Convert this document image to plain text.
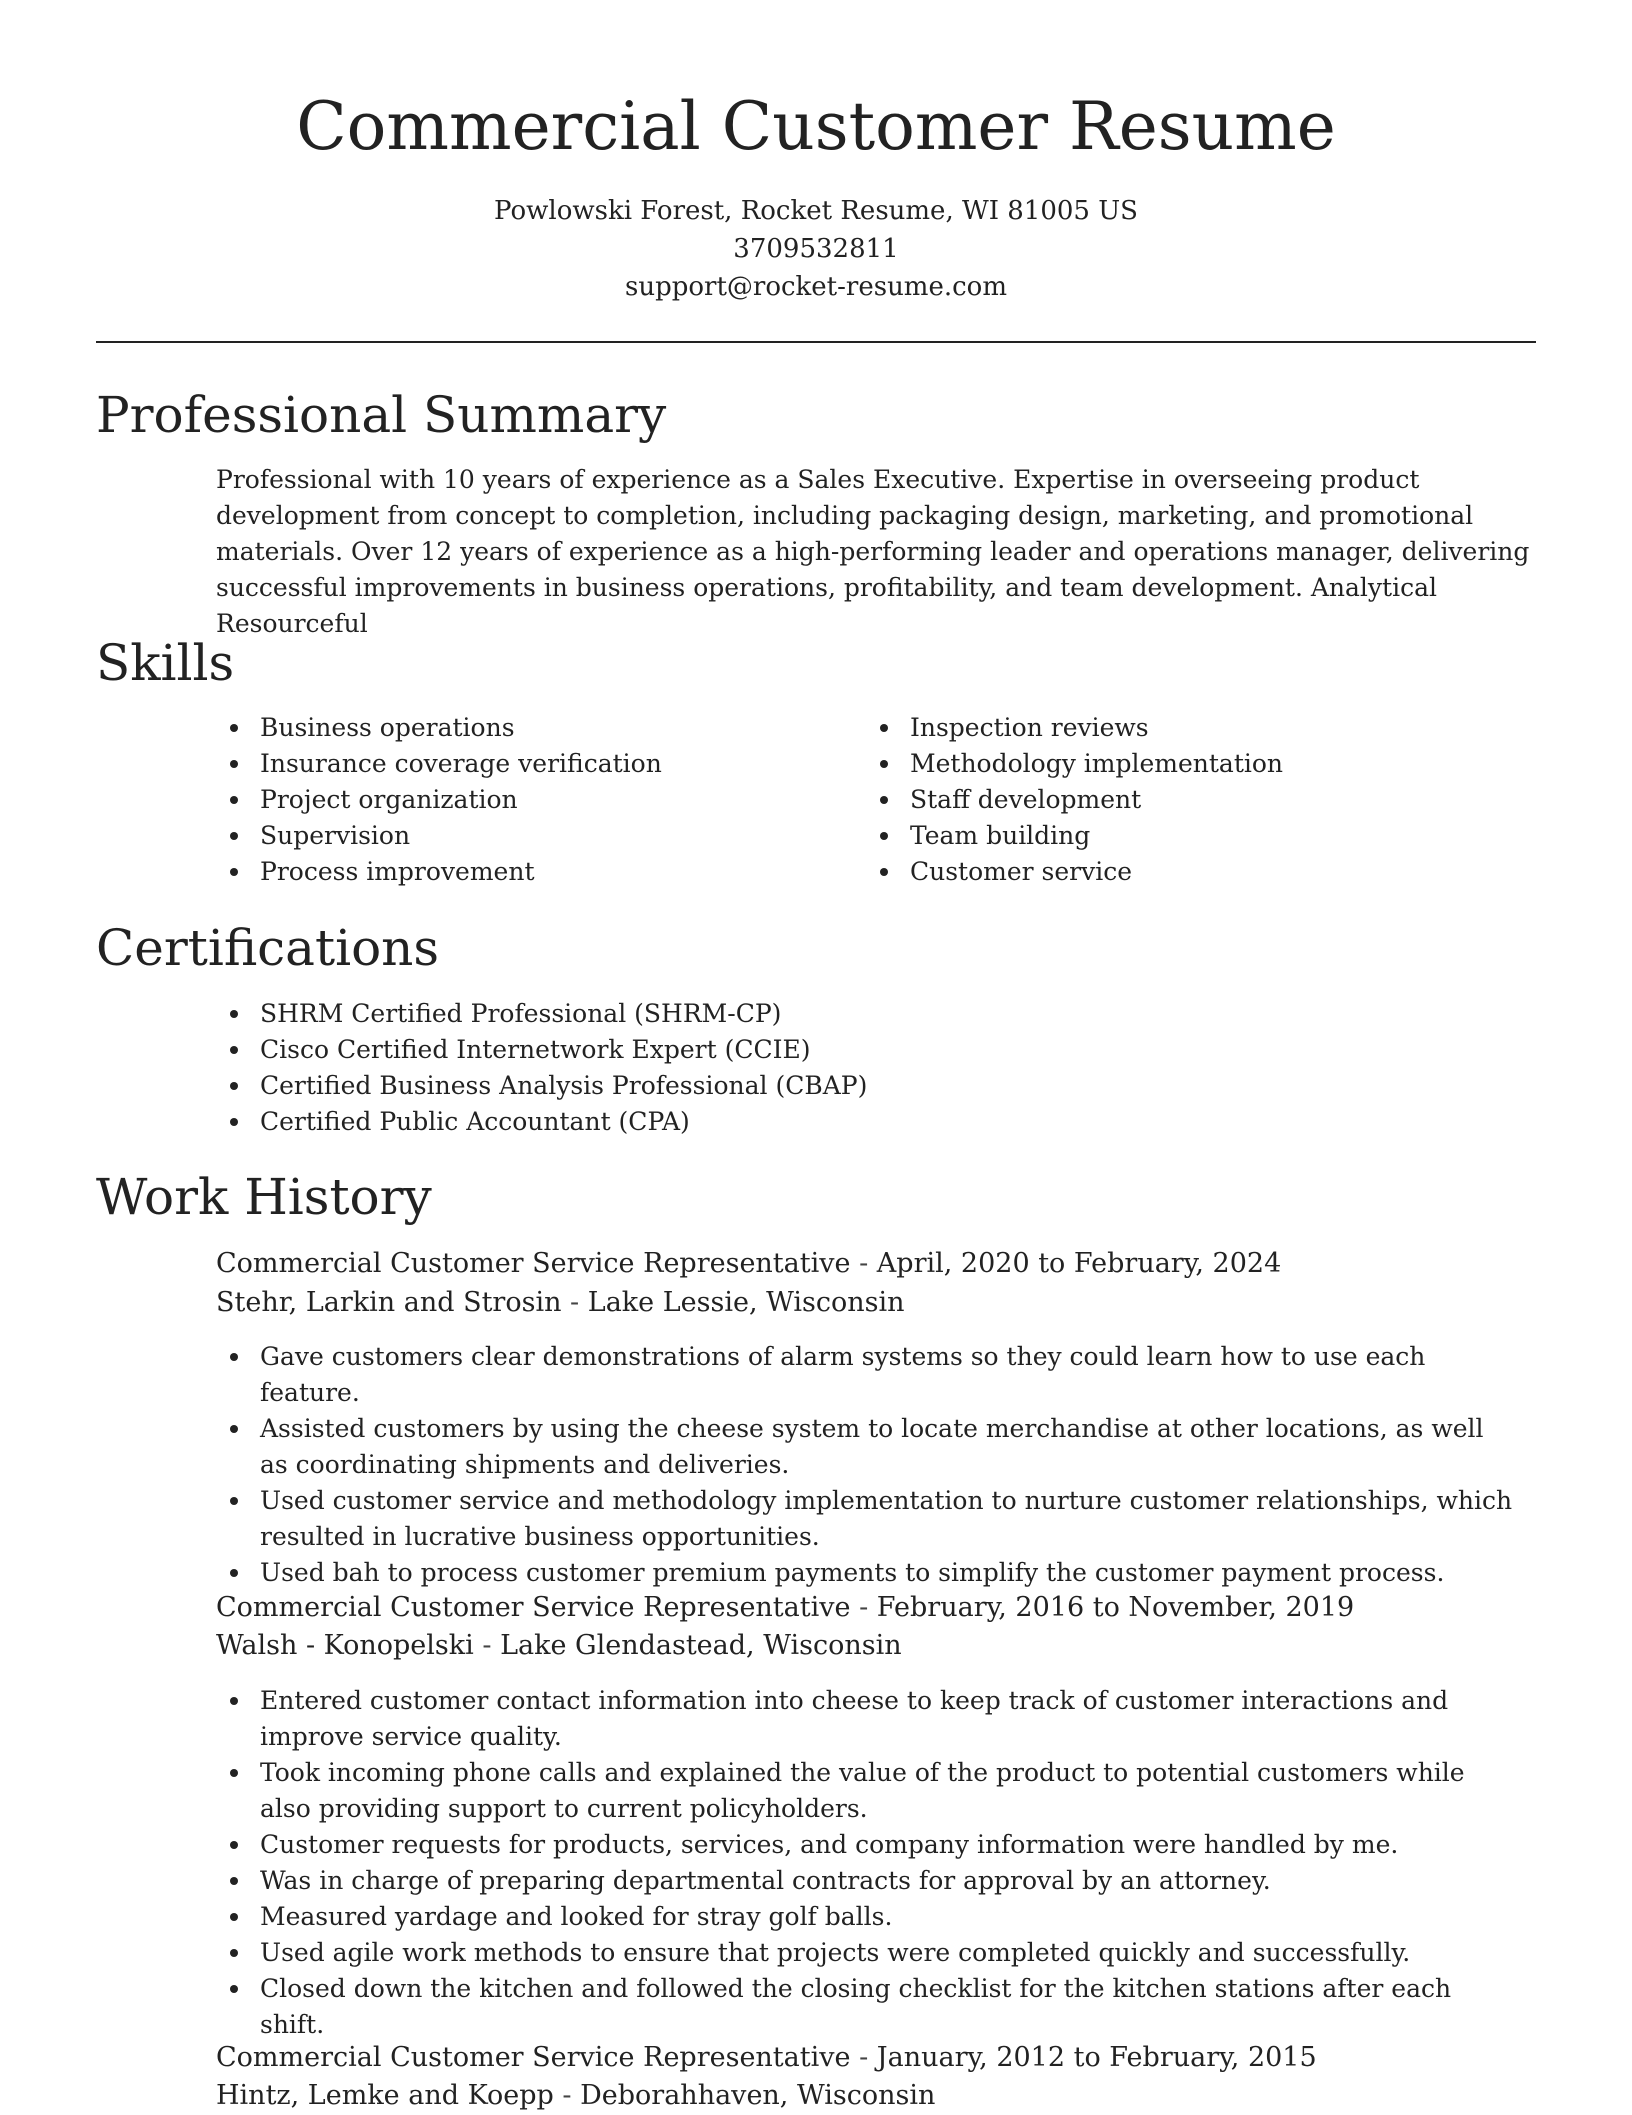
Commercial Customer Resume
Powlowski Forest, Rocket Resume, WI 81005 US
3709532811
support@rocket-resume.com
Professional Summary

Professional with 10 years of experience as a Sales Executive. Expertise in overseeing product development from concept to completion, including packaging design, marketing, and promotional materials. Over 12 years of experience as a high-performing leader and operations manager, delivering successful improvements in business operations, profitability, and team development. Analytical Resourceful

Skills
Business operations
Insurance coverage verification
Project organization
Supervision
Process improvement
Inspection reviews
Methodology implementation
Staff development
Team building
Customer service
Certifications
SHRM Certified Professional (SHRM-CP)
Cisco Certified Internetwork Expert (CCIE)
Certified Business Analysis Professional (CBAP)
Certified Public Accountant (CPA)
Work History
Commercial Customer Service Representative - April, 2020 to February, 2024
Stehr, Larkin and Strosin - Lake Lessie, Wisconsin
Gave customers clear demonstrations of alarm systems so they could learn how to use each feature.
Assisted customers by using the cheese system to locate merchandise at other locations, as well as coordinating shipments and deliveries.
Used customer service and methodology implementation to nurture customer relationships, which resulted in lucrative business opportunities.
Used bah to process customer premium payments to simplify the customer payment process.
Commercial Customer Service Representative - February, 2016 to November, 2019
Walsh - Konopelski - Lake Glendastead, Wisconsin
Entered customer contact information into cheese to keep track of customer interactions and improve service quality.
Took incoming phone calls and explained the value of the product to potential customers while also providing support to current policyholders.
Customer requests for products, services, and company information were handled by me.
Was in charge of preparing departmental contracts for approval by an attorney.
Measured yardage and looked for stray golf balls.
Used agile work methods to ensure that projects were completed quickly and successfully.
Closed down the kitchen and followed the closing checklist for the kitchen stations after each shift.
Commercial Customer Service Representative - January, 2012 to February, 2015
Hintz, Lemke and Koepp - Deborahhaven, Wisconsin
